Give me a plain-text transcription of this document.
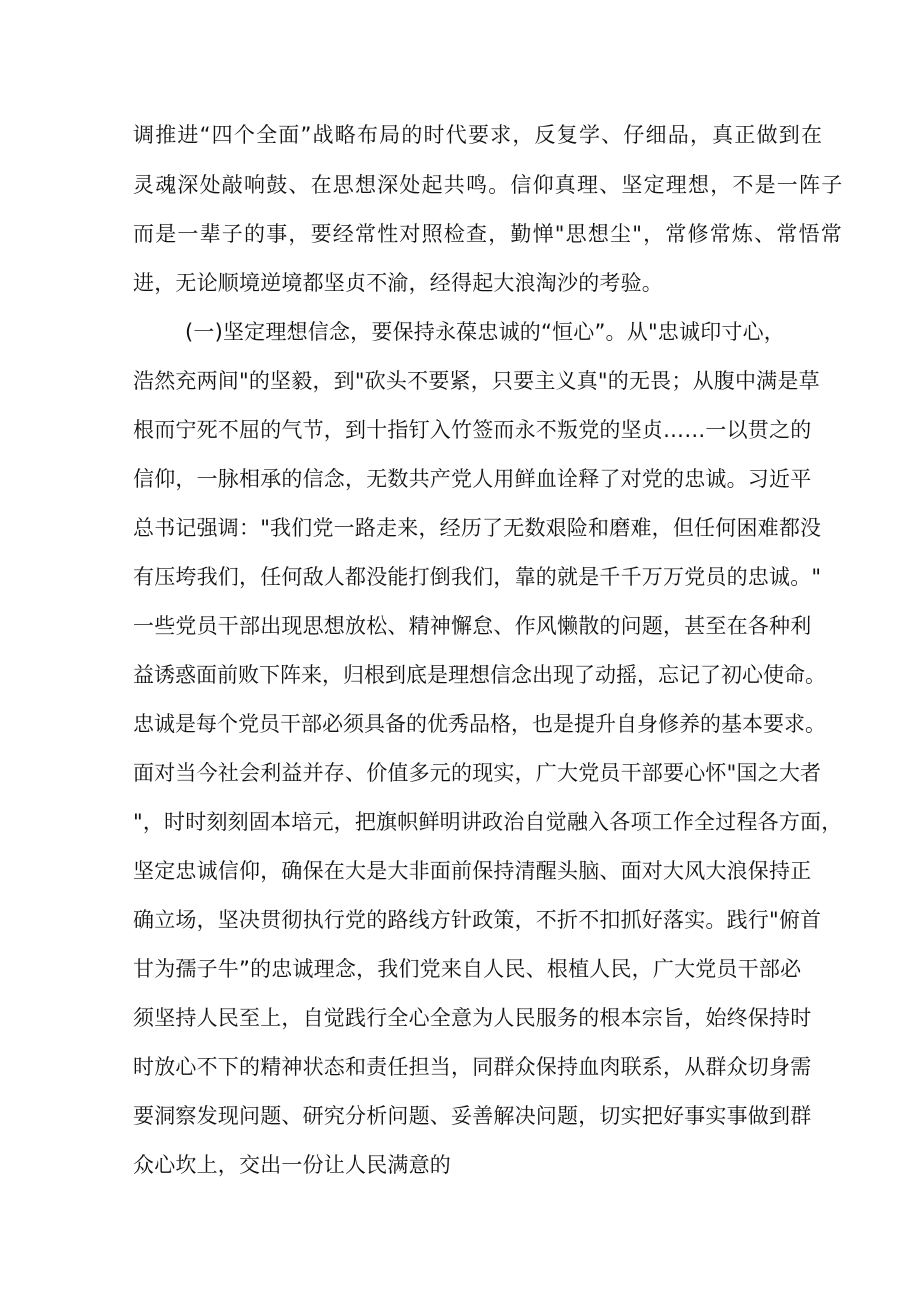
调推进“四个全面”战略布局的时代要求，反复学、仔细品，真正做到在
灵魂深处敲响鼓、在思想深处起共鸣。信仰真理、坚定理想，不是一阵子
而是一辈子的事，要经常性对照检查，勤惮"思想尘"，常修常炼、常悟常
进，无论顺境逆境都坚贞不渝，经得起大浪淘沙的考验。
(一)坚定理想信念，要保持永葆忠诚的“恒心”。从"忠诚印寸心，
浩然充两间"的坚毅，到"砍头不要紧，只要主义真"的无畏；从腹中满是草
根而宁死不屈的气节，到十指钉入竹签而永不叛党的坚贞……一以贯之的
信仰，一脉相承的信念，无数共产党人用鲜血诠释了对党的忠诚。习近平
总书记强调："我们党一路走来，经历了无数艰险和磨难，但任何困难都没
有压垮我们，任何敌人都没能打倒我们，靠的就是千千万万党员的忠诚。"
一些党员干部出现思想放松、精神懈怠、作风懒散的问题，甚至在各种利
益诱惑面前败下阵来，归根到底是理想信念出现了动摇，忘记了初心使命。
忠诚是每个党员干部必须具备的优秀品格，也是提升自身修养的基本要求。
面对当今社会利益并存、价值多元的现实，广大党员干部要心怀"国之大者
"，时时刻刻固本培元，把旗帜鲜明讲政治自觉融入各项工作全过程各方面，
坚定忠诚信仰，确保在大是大非面前保持清醒头脑、面对大风大浪保持正
确立场，坚决贯彻执行党的路线方针政策，不折不扣抓好落实。践行"俯首
甘为孺子牛”的忠诚理念，我们党来自人民、根植人民，广大党员干部必
须坚持人民至上，自觉践行全心全意为人民服务的根本宗旨，始终保持时
时放心不下的精神状态和责任担当，同群众保持血肉联系，从群众切身需
要洞察发现问题、研究分析问题、妥善解决问题，切实把好事实事做到群
众心坎上，交出一份让人民满意的
